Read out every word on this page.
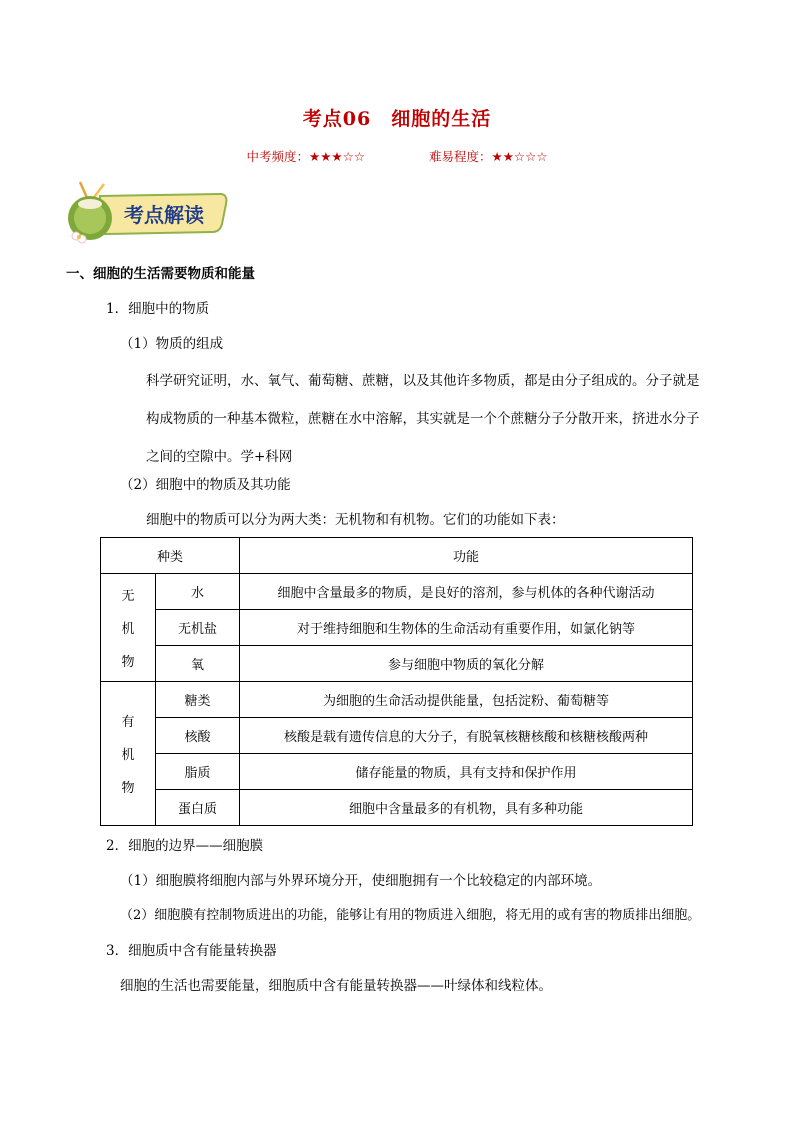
考点06　细胞的生活
中考频度：★★★☆☆	难易程度：★★☆☆☆
考点解读
一、细胞的生活需要物质和能量
1．细胞中的物质
（1）物质的组成
科学研究证明，水、氧气、葡萄糖、蔗糖，以及其他许多物质，都是由分子组成的。分子就是
构成物质的一种基本微粒，蔗糖在水中溶解，其实就是一个个蔗糖分子分散开来，挤进水分子
之间的空隙中。学+科网
（2）细胞中的物质及其功能
细胞中的物质可以分为两大类：无机物和有机物。它们的功能如下表：
种类		功能

无
机
物	水	细胞中含量最多的物质，是良好的溶剂，参与机体的各种代谢活动
	无机盐	对于维持细胞和生物体的生命活动有重要作用，如氯化钠等
	氧	参与细胞中物质的氧化分解

有
机
物	糖类	为细胞的生命活动提供能量，包括淀粉、葡萄糖等
	核酸	核酸是载有遗传信息的大分子，有脱氧核糖核酸和核糖核酸两种
	脂质	储存能量的物质，具有支持和保护作用
	蛋白质	细胞中含量最多的有机物，具有多种功能
2．细胞的边界——细胞膜
（1）细胞膜将细胞内部与外界环境分开，使细胞拥有一个比较稳定的内部环境。
（2）细胞膜有控制物质进出的功能，能够让有用的物质进入细胞，将无用的或有害的物质排出细胞。
3．细胞质中含有能量转换器
细胞的生活也需要能量，细胞质中含有能量转换器——叶绿体和线粒体。
